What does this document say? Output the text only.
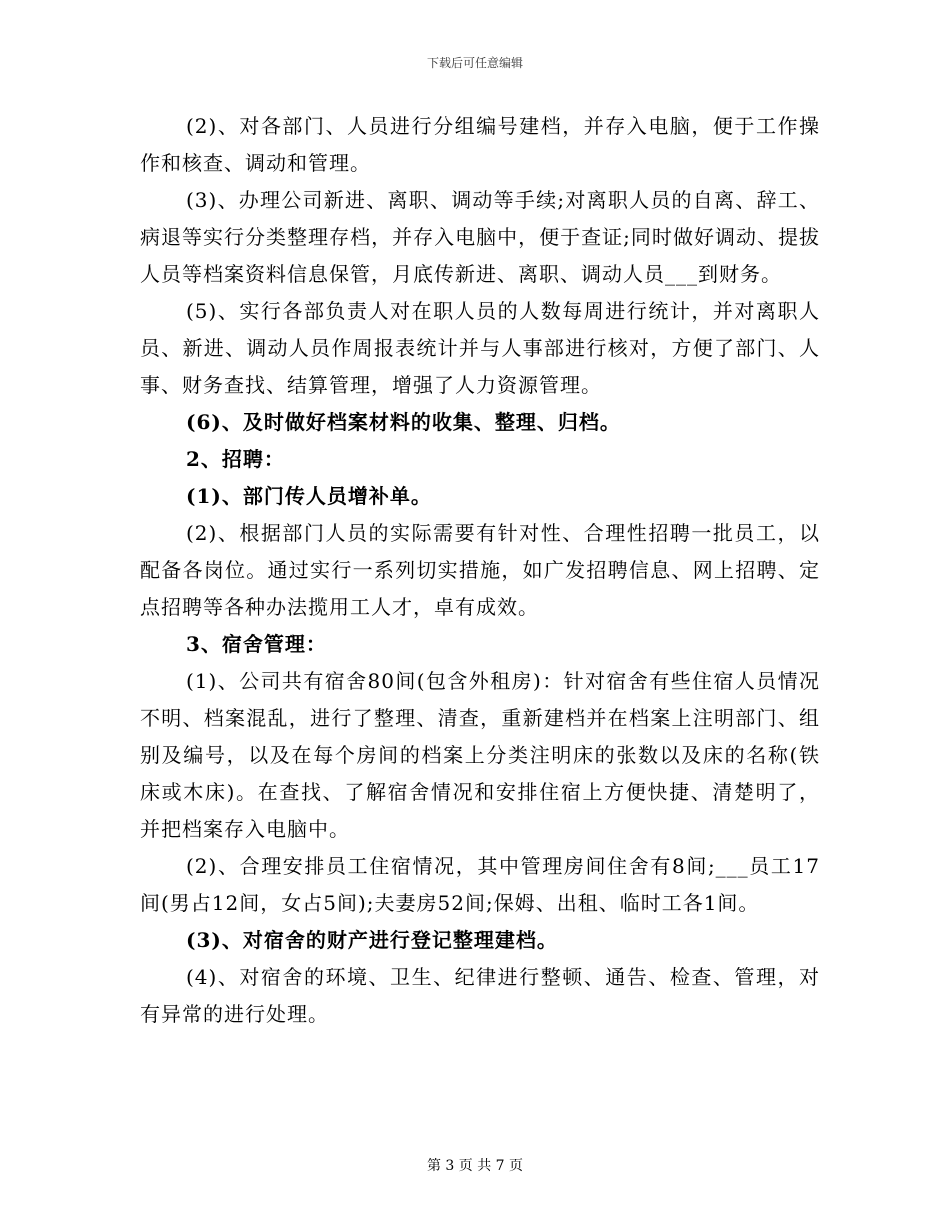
下载后可任意编辑

(2)、对各部门、人员进行分组编号建档，并存入电脑，便于工作操作和核查、调动和管理。

(3)、办理公司新进、离职、调动等手续;对离职人员的自离、辞工、病退等实行分类整理存档，并存入电脑中，便于查证;同时做好调动、提拔人员等档案资料信息保管，月底传新进、离职、调动人员___到财务。

(5)、实行各部负责人对在职人员的人数每周进行统计，并对离职人员、新进、调动人员作周报表统计并与人事部进行核对，方便了部门、人事、财务查找、结算管理，增强了人力资源管理。

(6)、及时做好档案材料的收集、整理、归档。

2、招聘：

(1)、部门传人员增补单。

(2)、根据部门人员的实际需要有针对性、合理性招聘一批员工，以配备各岗位。通过实行一系列切实措施，如广发招聘信息、网上招聘、定点招聘等各种办法揽用工人才，卓有成效。

3、宿舍管理：

(1)、公司共有宿舍80间(包含外租房)：针对宿舍有些住宿人员情况不明、档案混乱，进行了整理、清查，重新建档并在档案上注明部门、组别及编号，以及在每个房间的档案上分类注明床的张数以及床的名称(铁床或木床)。在查找、了解宿舍情况和安排住宿上方便快捷、清楚明了，并把档案存入电脑中。

(2)、合理安排员工住宿情况，其中管理房间住舍有8间;___员工17间(男占12间，女占5间);夫妻房52间;保姆、出租、临时工各1间。

(3)、对宿舍的财产进行登记整理建档。

(4)、对宿舍的环境、卫生、纪律进行整顿、通告、检查、管理，对有异常的进行处理。

第 3 页 共 7 页
